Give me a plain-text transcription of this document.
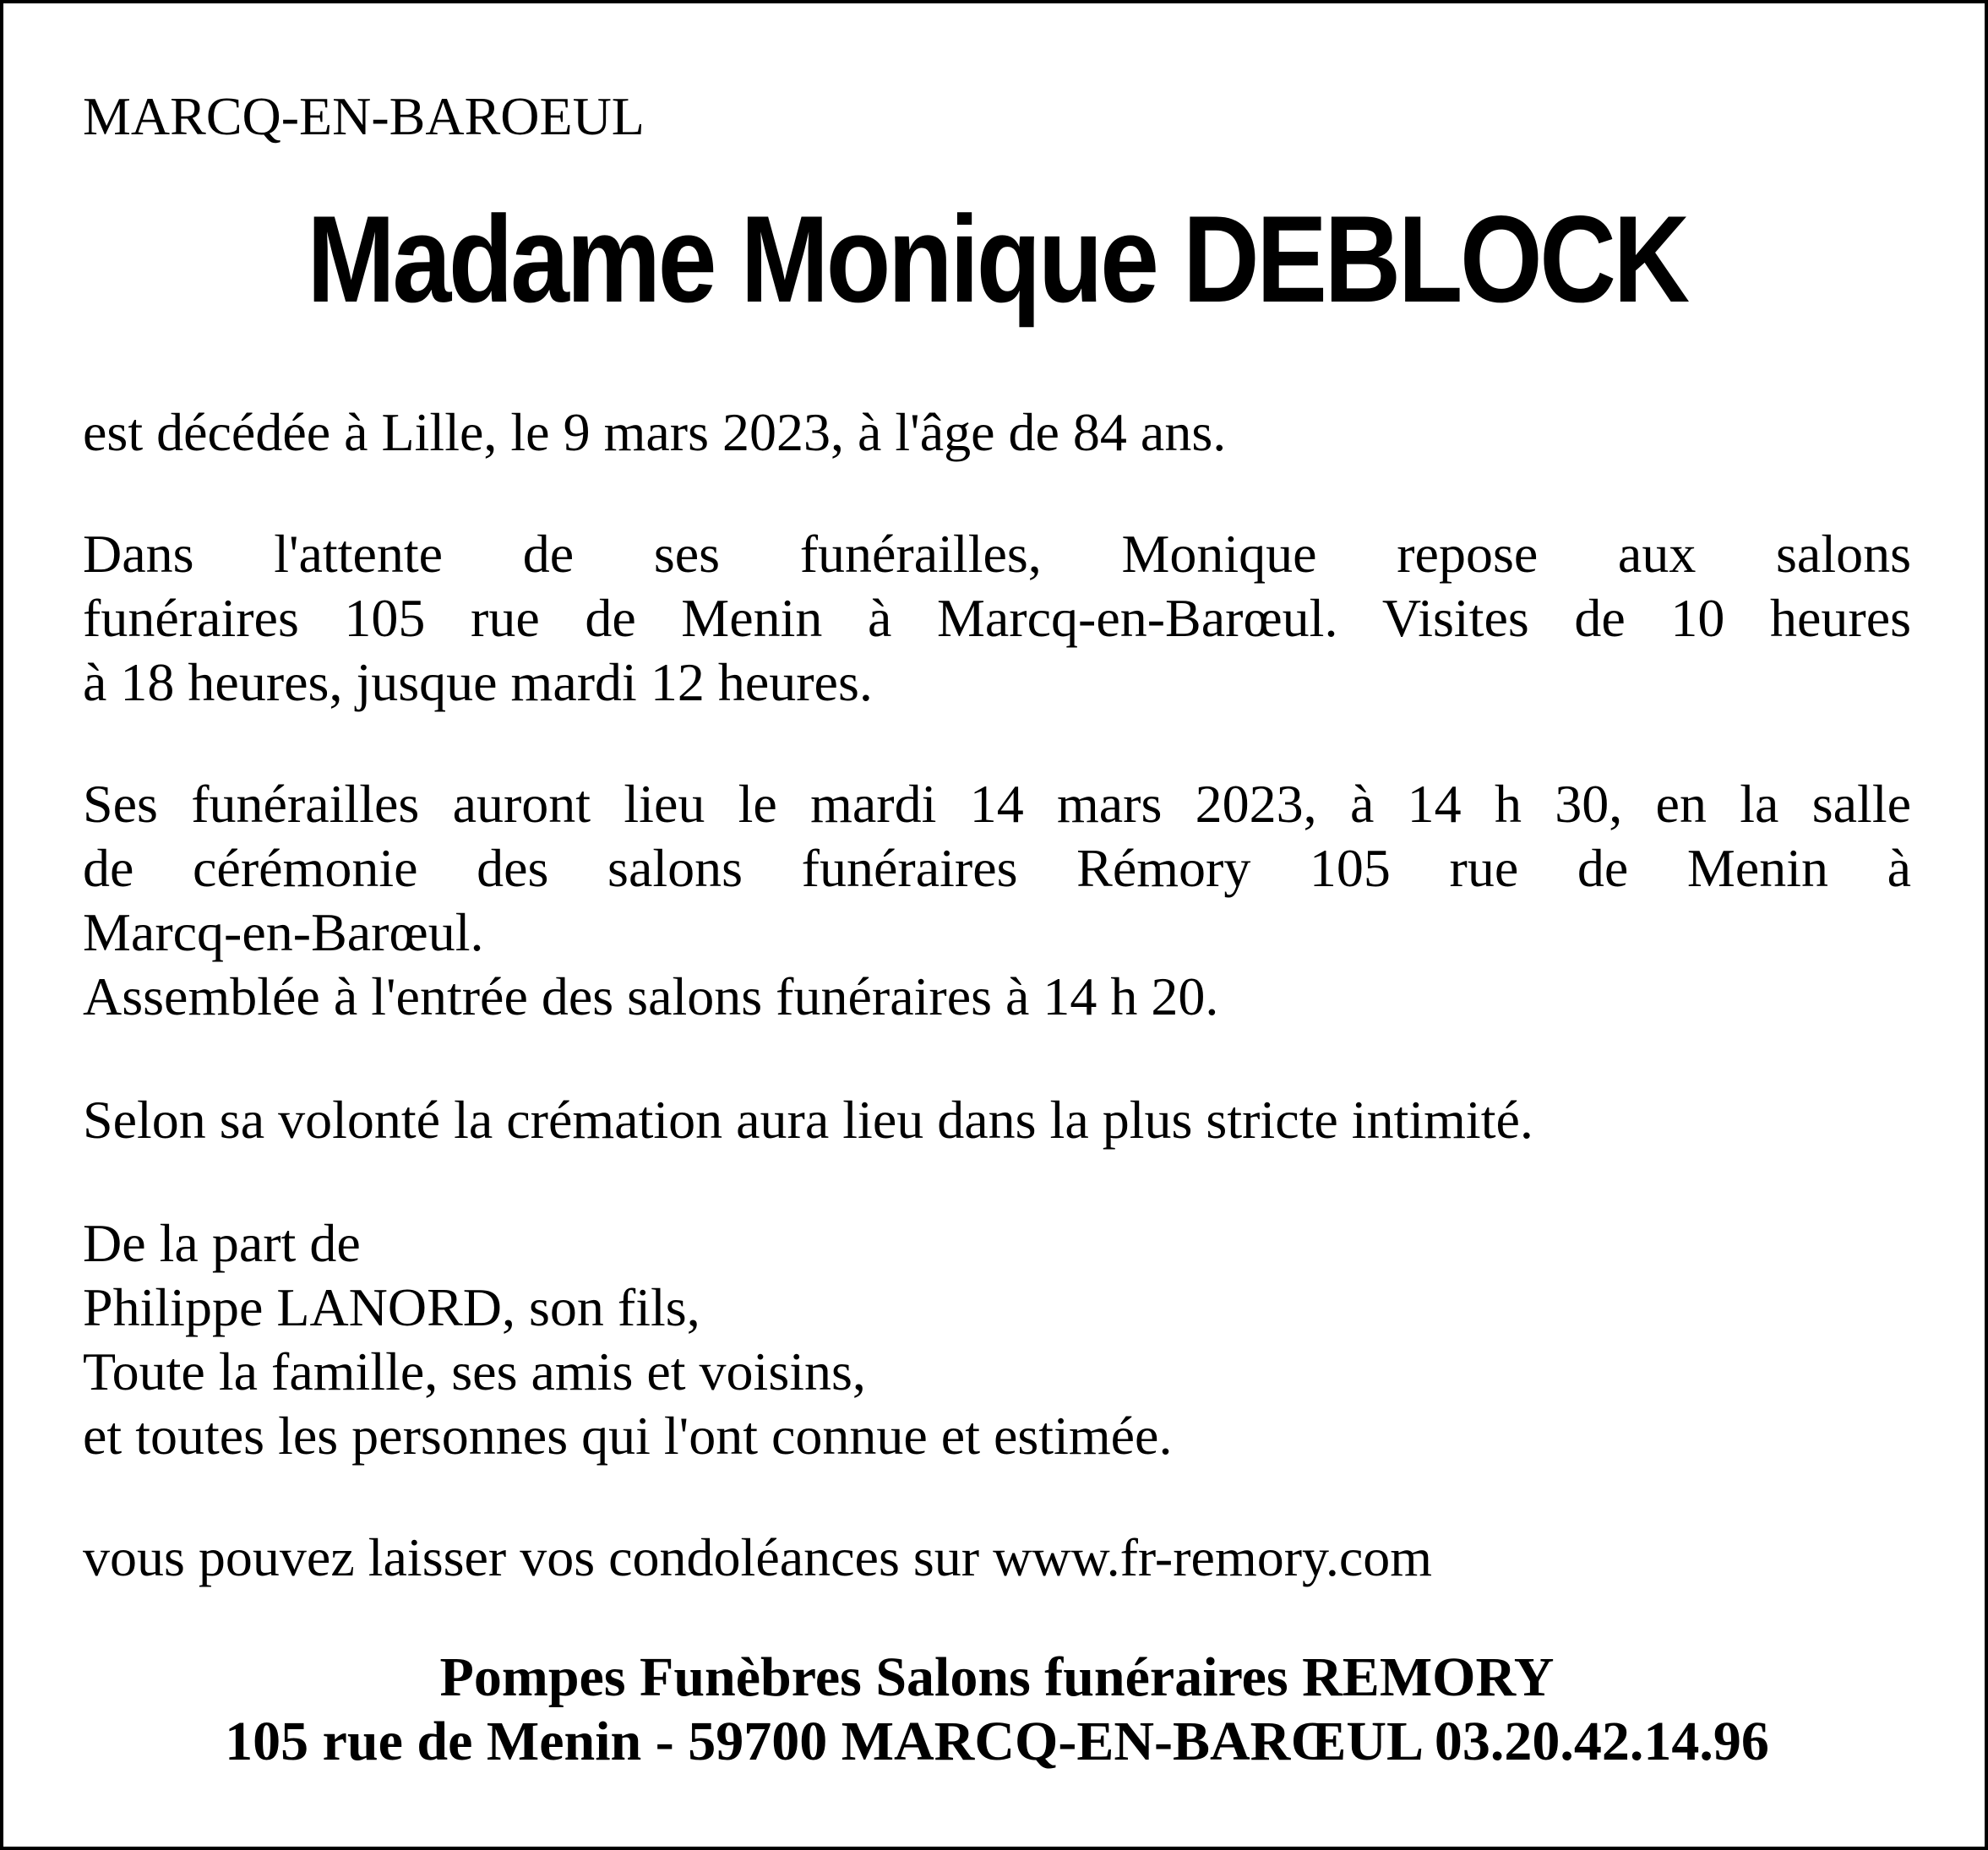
MARCQ-EN-BAROEUL
Madame Monique DEBLOCK
est décédée à Lille, le 9 mars 2023, à l'âge de 84 ans.
Dans l'attente de ses funérailles, Monique repose aux salons
funéraires 105 rue de Menin à Marcq-en-Barœul. Visites de 10 heures
à 18 heures, jusque mardi 12 heures.
Ses funérailles auront lieu le mardi 14 mars 2023, à 14 h 30, en la salle
de cérémonie des salons funéraires Rémory 105 rue de Menin à
Marcq-en-Barœul.
Assemblée à l'entrée des salons funéraires à 14 h 20.
Selon sa volonté la crémation aura lieu dans la plus stricte intimité.
De la part de
Philippe LANORD, son fils,
Toute la famille, ses amis et voisins,
et toutes les personnes qui l'ont connue et estimée.
vous pouvez laisser vos condoléances sur www.fr-remory.com
Pompes Funèbres Salons funéraires REMORY
105 rue de Menin - 59700 MARCQ-EN-BARŒUL 03.20.42.14.96
